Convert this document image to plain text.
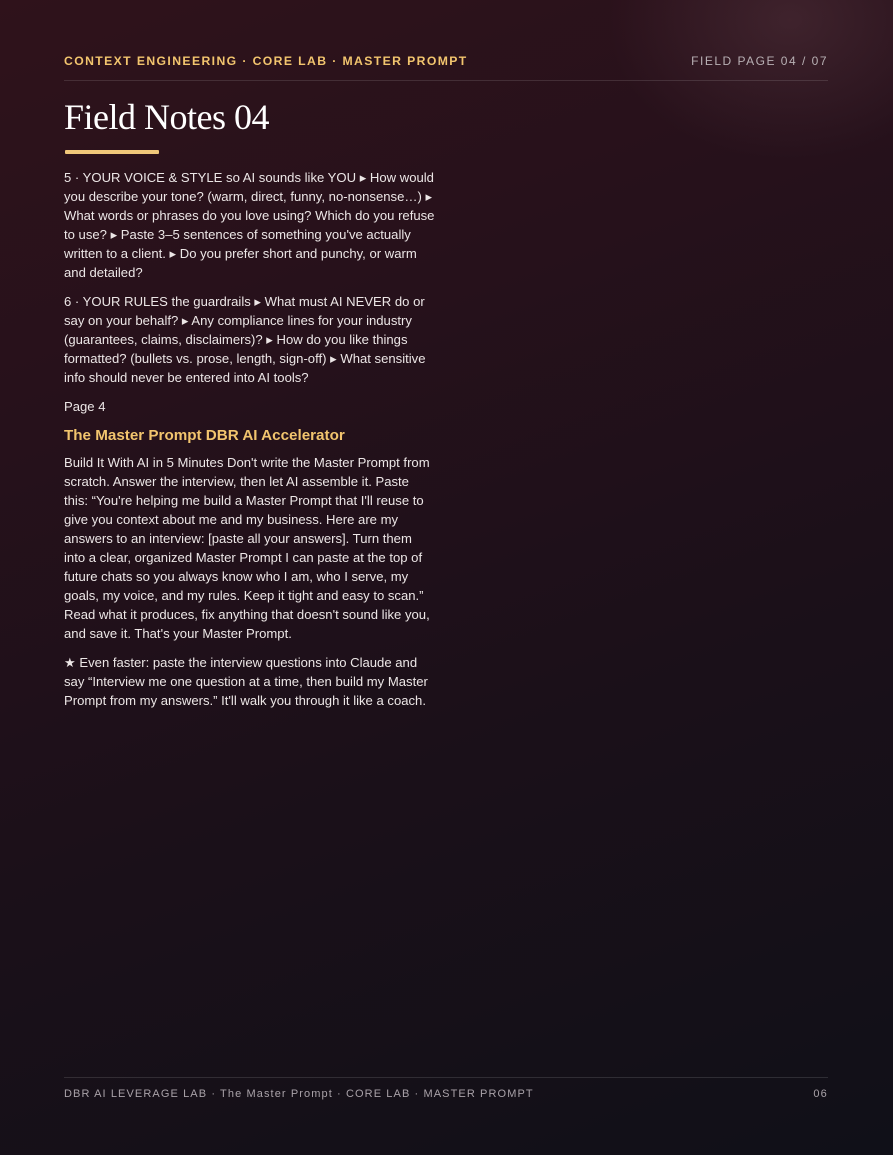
CONTEXT ENGINEERING · CORE LAB · MASTER PROMPT	FIELD PAGE 04 / 07
Field Notes 04

5 · YOUR VOICE & STYLE so AI sounds like YOU ▸ How would you describe your tone? (warm, direct, funny, no-nonsense…) ▸ What words or phrases do you love using? Which do you refuse to use? ▸ Paste 3–5 sentences of something you've actually written to a client. ▸ Do you prefer short and punchy, or warm and detailed?

6 · YOUR RULES the guardrails ▸ What must AI NEVER do or say on your behalf? ▸ Any compliance lines for your industry (guarantees, claims, disclaimers)? ▸ How do you like things formatted? (bullets vs. prose, length, sign-off) ▸ What sensitive info should never be entered into AI tools?

Page 4

The Master Prompt DBR AI Accelerator

Build It With AI in 5 Minutes Don't write the Master Prompt from scratch. Answer the interview, then let AI assemble it. Paste this: “You're helping me build a Master Prompt that I'll reuse to give you context about me and my business. Here are my answers to an interview: [paste all your answers]. Turn them into a clear, organized Master Prompt I can paste at the top of future chats so you always know who I am, who I serve, my goals, my voice, and my rules. Keep it tight and easy to scan.” Read what it produces, fix anything that doesn't sound like you, and save it. That's your Master Prompt.

★ Even faster: paste the interview questions into Claude and say “Interview me one question at a time, then build my Master Prompt from my answers.” It'll walk you through it like a coach.

DBR AI LEVERAGE LAB · The Master Prompt · CORE LAB · MASTER PROMPT	06
